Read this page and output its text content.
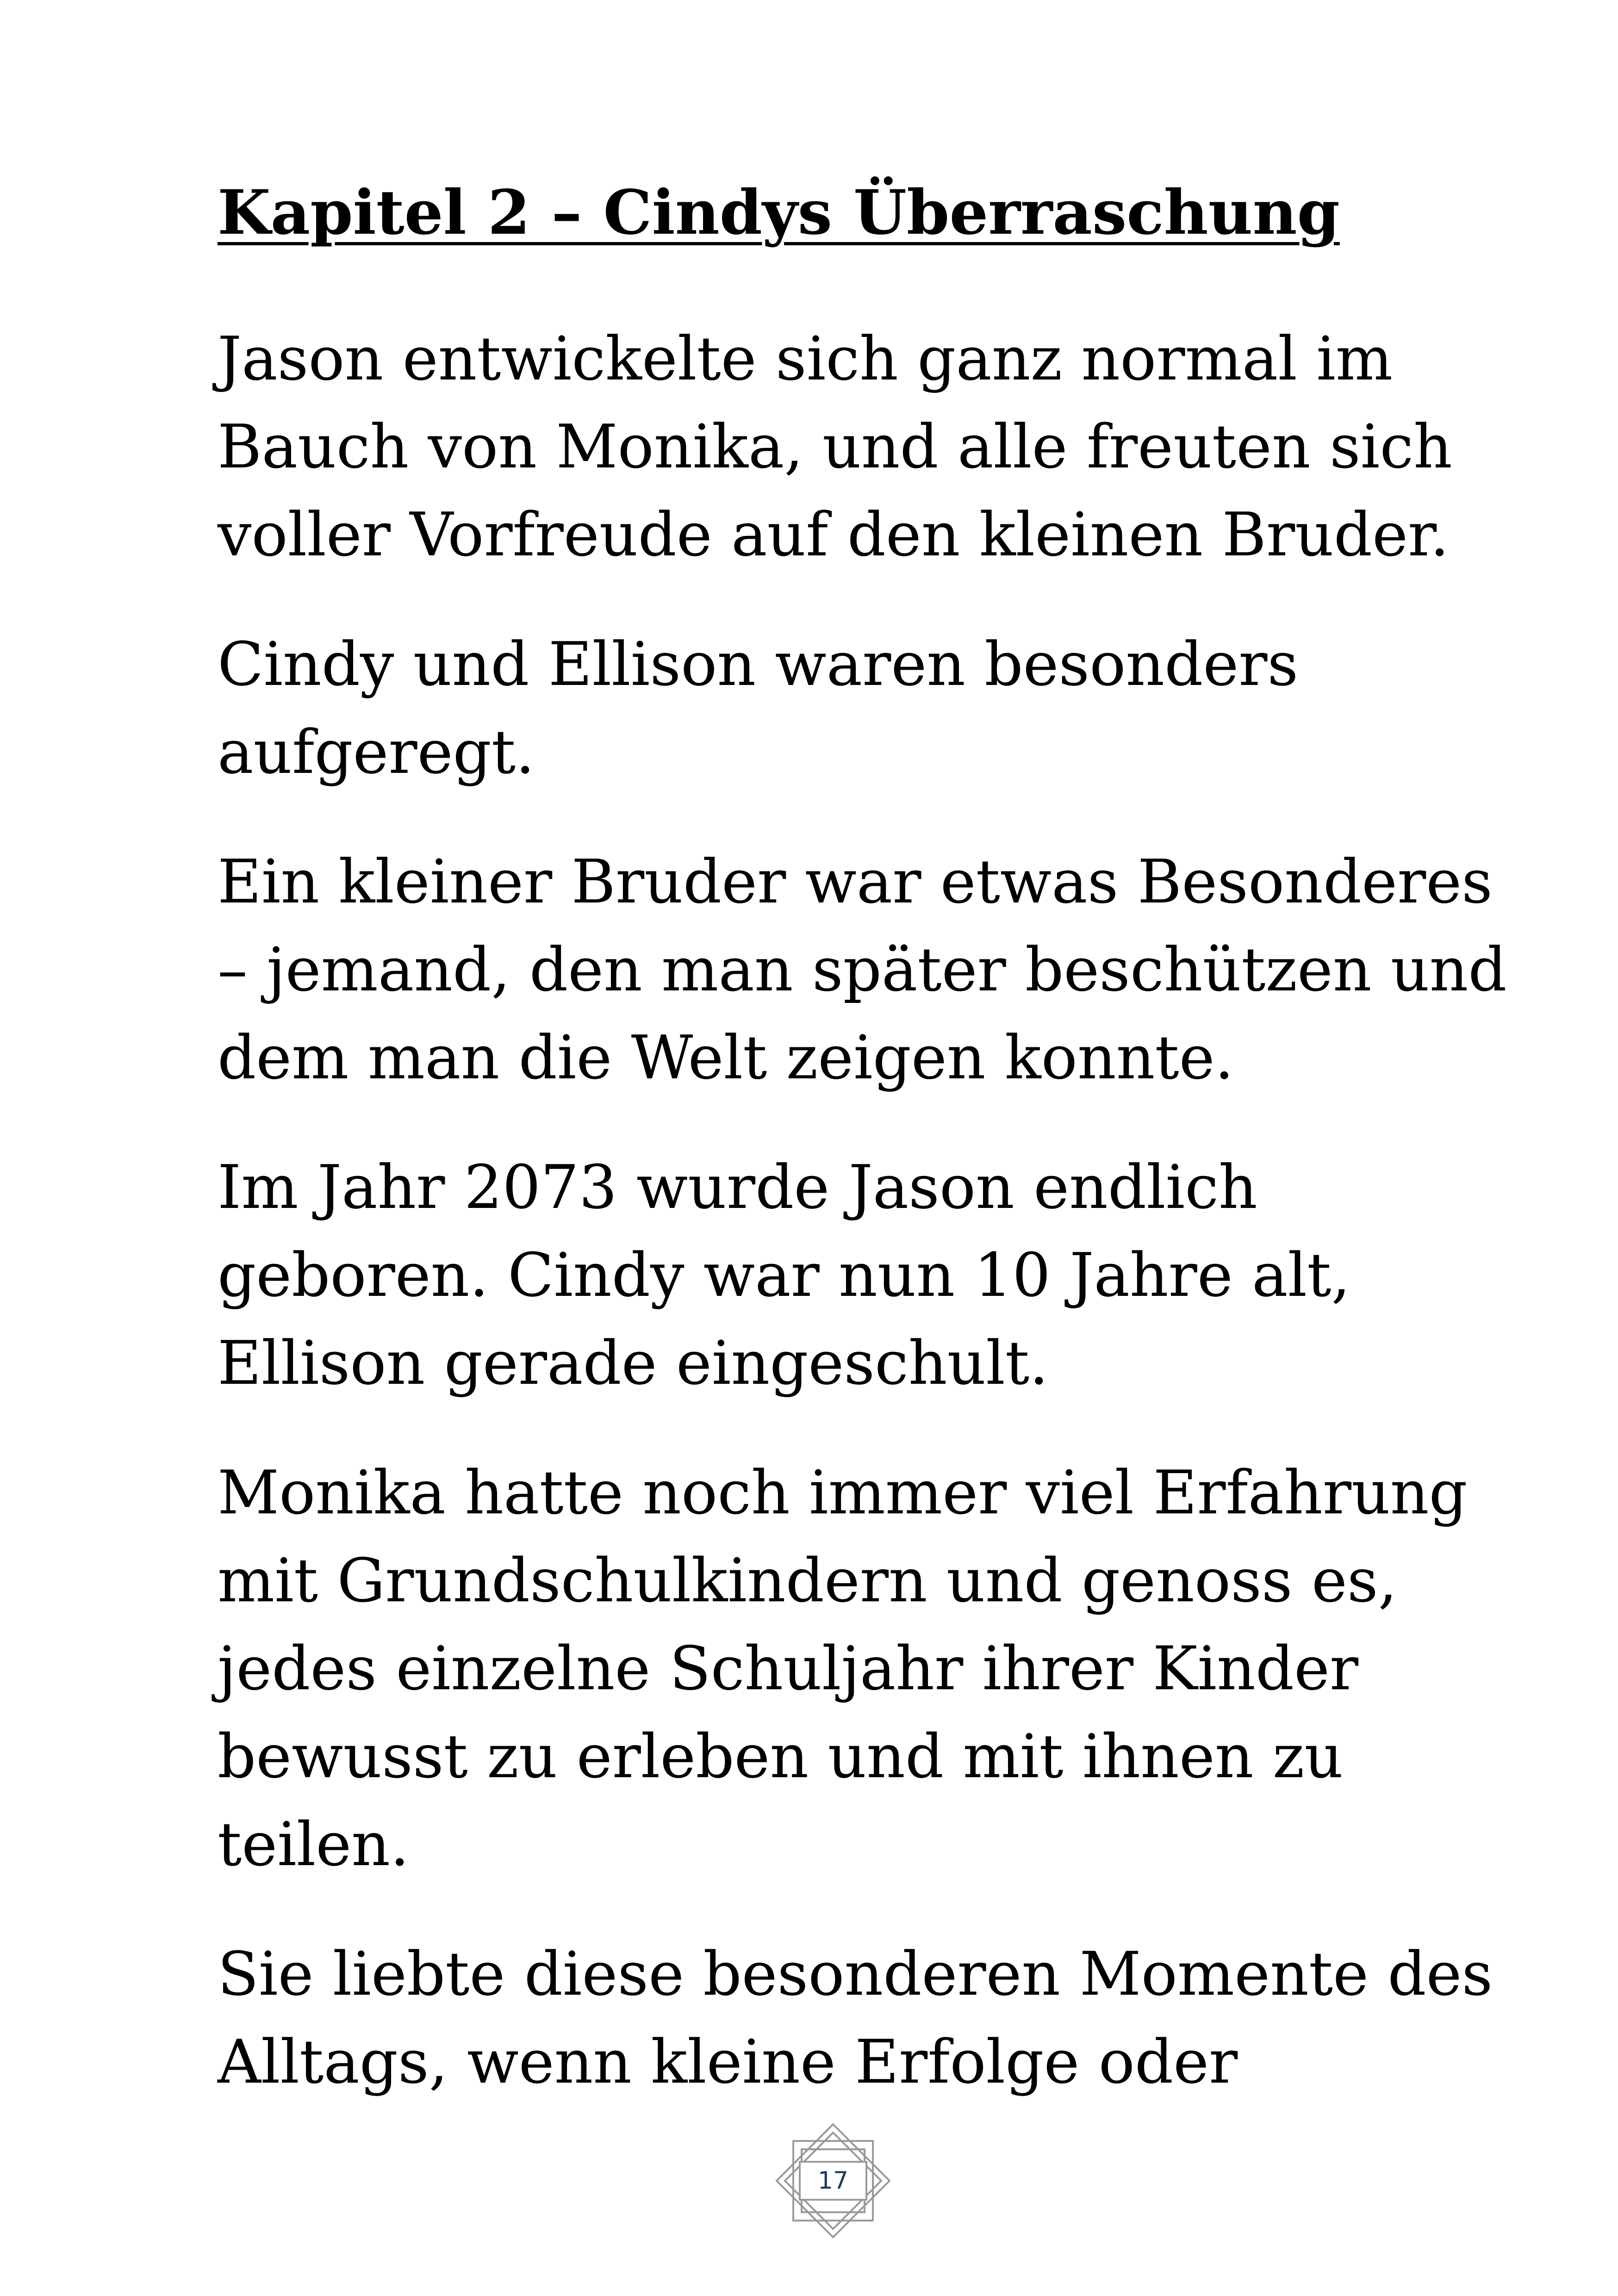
Kapitel 2 – Cindys Überraschung
Jason entwickelte sich ganz normal im
Bauch von Monika, und alle freuten sich
voller Vorfreude auf den kleinen Bruder.
Cindy und Ellison waren besonders
aufgeregt.
Ein kleiner Bruder war etwas Besonderes
– jemand, den man später beschützen und
dem man die Welt zeigen konnte.
Im Jahr 2073 wurde Jason endlich
geboren. Cindy war nun 10 Jahre alt,
Ellison gerade eingeschult.
Monika hatte noch immer viel Erfahrung
mit Grundschulkindern und genoss es,
jedes einzelne Schuljahr ihrer Kinder
bewusst zu erleben und mit ihnen zu
teilen.
Sie liebte diese besonderen Momente des
Alltags, wenn kleine Erfolge oder
17
